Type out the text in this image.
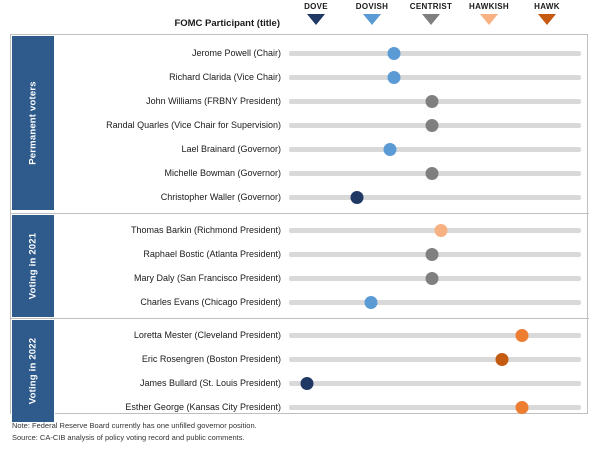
FOMC Participant (title)
DOVE	DOVISH	CENTRIST HAWKISH	HAWK
Permanent voters
Voting in 2021
Voting in 2022
Jerome Powell (Chair)
Richard Clarida (Vice Chair)
John Williams (FRBNY President)
Randal Quarles (Vice Chair for Supervision)
Lael Brainard (Governor)
Michelle Bowman (Governor)
Christopher Waller (Governor)
Thomas Barkin (Richmond President)
Raphael Bostic (Atlanta President)
Mary Daly (San Francisco President)
Charles Evans (Chicago President)
Loretta Mester (Cleveland President)
Eric Rosengren (Boston President)
James Bullard (St. Louis President)
Esther George (Kansas City President)
Note: Federal Reserve Board currently has one unfilled governor position.
Source: CA-CIB analysis of policy voting record and public comments.
